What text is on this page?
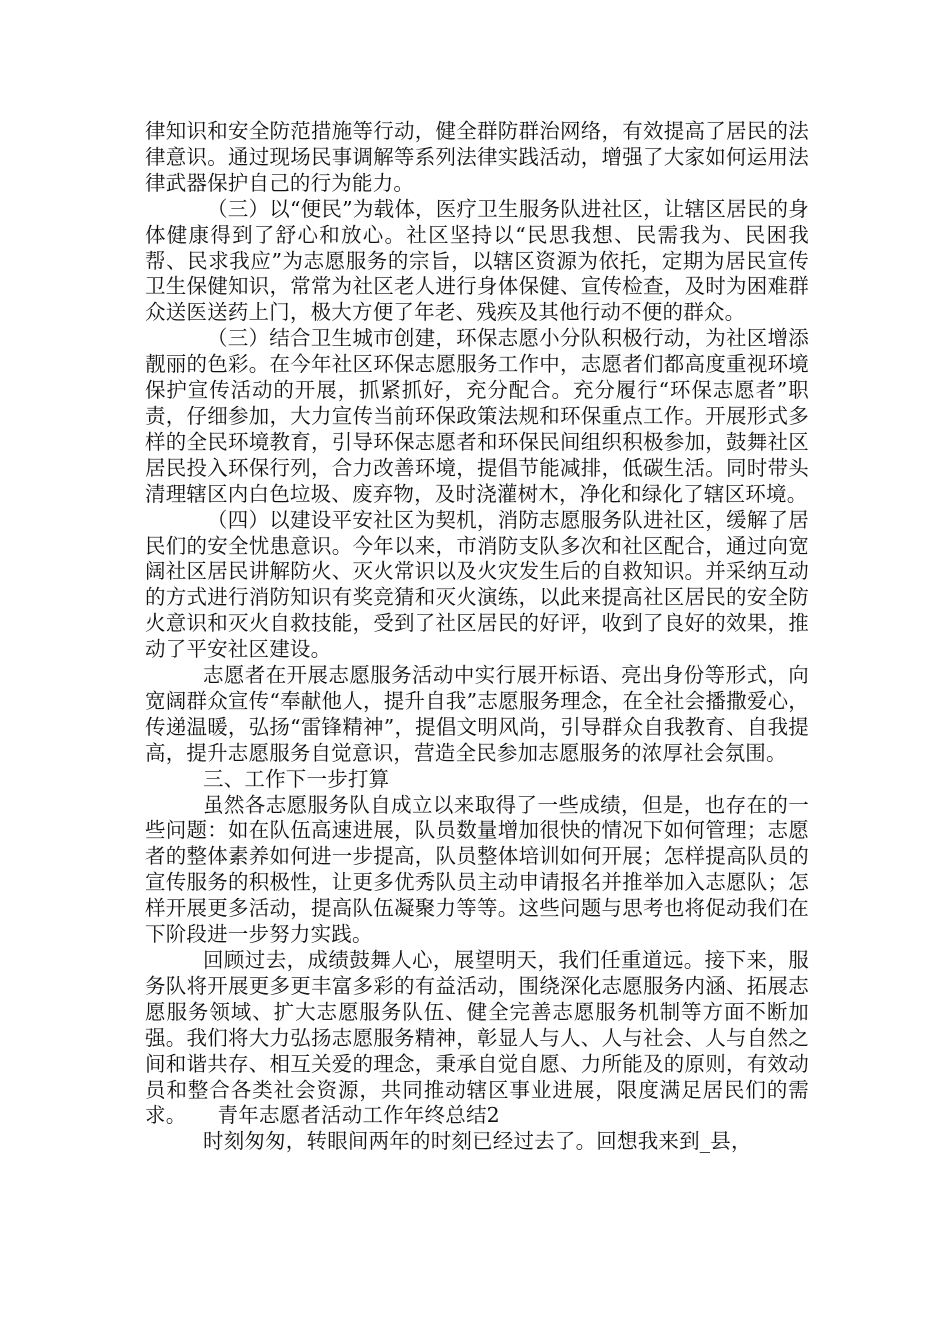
律知识和安全防范措施等行动，健全群防群治网络，有效提高了居民的法律意识。通过现场民事调解等系列法律实践活动，增强了大家如何运用法律武器保护自己的行为能力。

（三）以“便民”为载体，医疗卫生服务队进社区，让辖区居民的身体健康得到了舒心和放心。社区坚持以“民思我想、民需我为、民困我帮、民求我应”为志愿服务的宗旨，以辖区资源为依托，定期为居民宣传卫生保健知识，常常为社区老人进行身体保健、宣传检查，及时为困难群众送医送药上门，极大方便了年老、残疾及其他行动不便的群众。

（三）结合卫生城市创建，环保志愿小分队积极行动，为社区增添靓丽的色彩。在今年社区环保志愿服务工作中，志愿者们都高度重视环境保护宣传活动的开展，抓紧抓好，充分配合。充分履行“环保志愿者”职责，仔细参加，大力宣传当前环保政策法规和环保重点工作。开展形式多样的全民环境教育，引导环保志愿者和环保民间组织积极参加，鼓舞社区居民投入环保行列，合力改善环境，提倡节能减排，低碳生活。同时带头清理辖区内白色垃圾、废弃物，及时浇灌树木，净化和绿化了辖区环境。

（四）以建设平安社区为契机，消防志愿服务队进社区，缓解了居民们的安全忧患意识。今年以来，市消防支队多次和社区配合，通过向宽阔社区居民讲解防火、灭火常识以及火灾发生后的自救知识。并采纳互动的方式进行消防知识有奖竞猜和灭火演练，以此来提高社区居民的安全防火意识和灭火自救技能，受到了社区居民的好评，收到了良好的效果，推动了平安社区建设。

志愿者在开展志愿服务活动中实行展开标语、亮出身份等形式，向宽阔群众宣传“奉献他人，提升自我”志愿服务理念，在全社会播撒爱心，传递温暖，弘扬“雷锋精神”，提倡文明风尚，引导群众自我教育、自我提高，提升志愿服务自觉意识，营造全民参加志愿服务的浓厚社会氛围。

三、工作下一步打算

虽然各志愿服务队自成立以来取得了一些成绩，但是，也存在的一些问题：如在队伍高速进展，队员数量增加很快的情况下如何管理；志愿者的整体素养如何进一步提高，队员整体培训如何开展；怎样提高队员的宣传服务的积极性，让更多优秀队员主动申请报名并推举加入志愿队；怎样开展更多活动，提高队伍凝聚力等等。这些问题与思考也将促动我们在下阶段进一步努力实践。

回顾过去，成绩鼓舞人心，展望明天，我们任重道远。接下来，服务队将开展更多更丰富多彩的有益活动，围绕深化志愿服务内涵、拓展志愿服务领域、扩大志愿服务队伍、健全完善志愿服务机制等方面不断加强。我们将大力弘扬志愿服务精神，彰显人与人、人与社会、人与自然之间和谐共存、相互关爱的理念，秉承自觉自愿、力所能及的原则，有效动员和整合各类社会资源，共同推动辖区事业进展，限度满足居民们的需求。　　青年志愿者活动工作年终总结2

时刻匆匆，转眼间两年的时刻已经过去了。回想我来到_县，
